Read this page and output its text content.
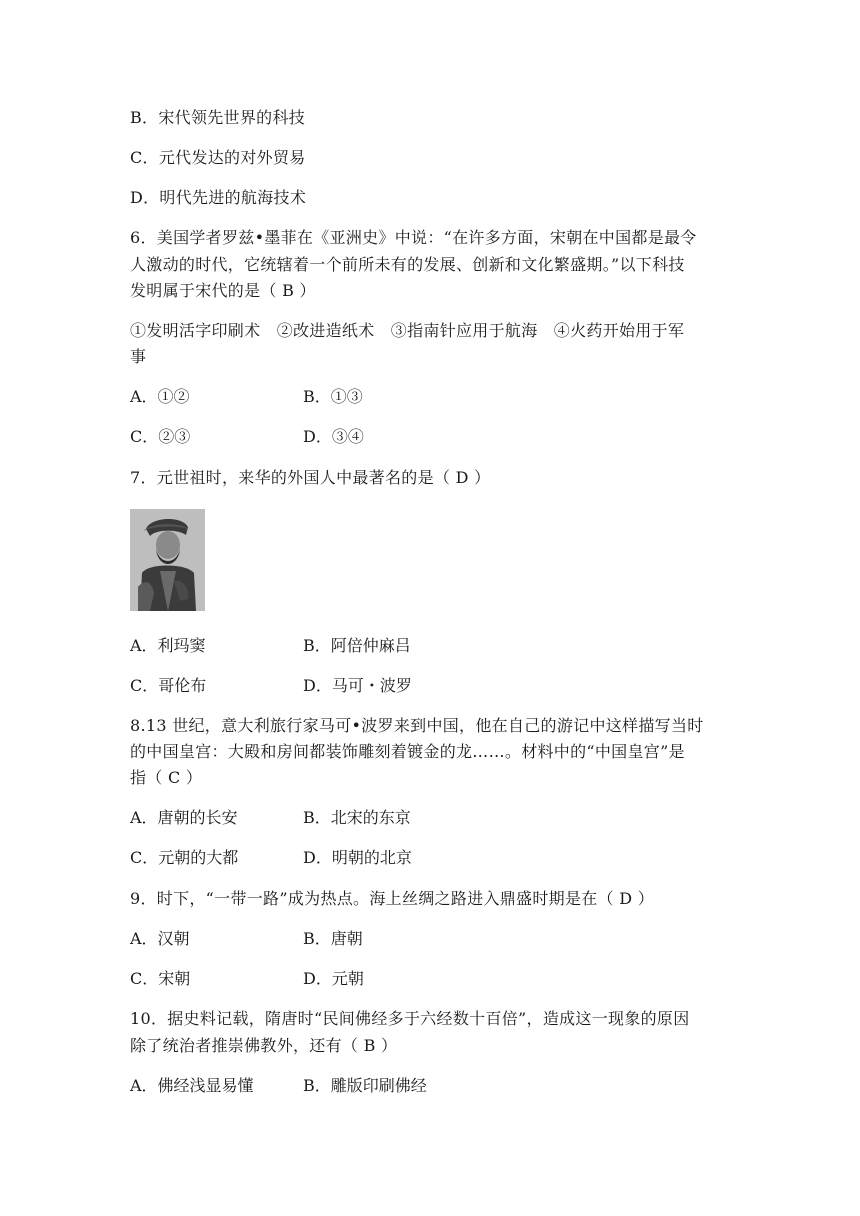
B．宋代领先世界的科技
C．元代发达的对外贸易
D．明代先进的航海技术
6．美国学者罗兹•墨菲在《亚洲史》中说：“在许多方面，宋朝在中国都是最令
人激动的时代，它统辖着一个前所未有的发展、创新和文化繁盛期。”以下科技
发明属于宋代的是（ B ）
①发明活字印刷术　②改进造纸术　③指南针应用于航海　④火药开始用于军
事
A．①②	B．①③
C．②③	D．③④
7．元世祖时，来华的外国人中最著名的是（ D ）
A．利玛窦	B．阿倍仲麻吕
C．哥伦布	D．马可・波罗
8.13 世纪，意大利旅行家马可•波罗来到中国，他在自己的游记中这样描写当时
的中国皇宫：大殿和房间都装饰雕刻着镀金的龙……。材料中的“中国皇宫”是
指（ C ）
A．唐朝的长安	B．北宋的东京
C．元朝的大都	D．明朝的北京
9．时下，“一带一路”成为热点。海上丝绸之路进入鼎盛时期是在（ D ）
A．汉朝	B．唐朝
C．宋朝	D．元朝
10．据史料记载，隋唐时“民间佛经多于六经数十百倍”，造成这一现象的原因
除了统治者推崇佛教外，还有（ B ）
A．佛经浅显易懂	B．雕版印刷佛经
